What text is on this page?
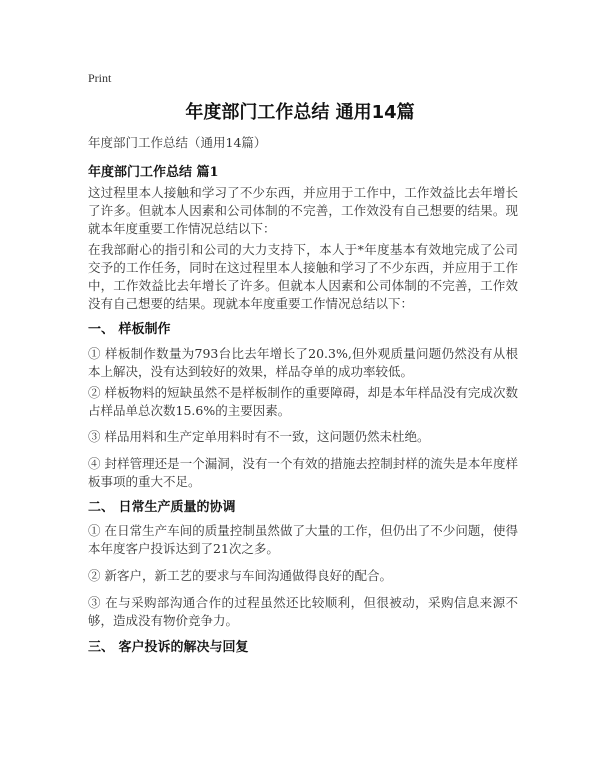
Print
年度部门工作总结 通用14篇
年度部门工作总结（通用14篇）
年度部门工作总结 篇1

这过程里本人接触和学习了不少东西，并应用于工作中，工作效益比去年增长了许多。但就本人因素和公司体制的不完善，工作效没有自己想要的结果。现就本年度重要工作情况总结以下：

在我部耐心的指引和公司的大力支持下，本人于*年度基本有效地完成了公司交予的工作任务，同时在这过程里本人接触和学习了不少东西，并应用于工作中，工作效益比去年增长了许多。但就本人因素和公司体制的不完善，工作效没有自己想要的结果。现就本年度重要工作情况总结以下：

一、 样板制作

① 样板制作数量为793台比去年增长了20.3%,但外观质量问题仍然没有从根本上解决，没有达到较好的效果，样品夺单的成功率较低。

② 样板物料的短缺虽然不是样板制作的重要障碍，却是本年样品没有完成次数占样品单总次数15.6%的主要因素。

③ 样品用料和生产定单用料时有不一致，这问题仍然未杜绝。

④ 封样管理还是一个漏洞，没有一个有效的措施去控制封样的流失是本年度样板事项的重大不足。

二、 日常生产质量的协调

① 在日常生产车间的质量控制虽然做了大量的工作，但仍出了不少问题，使得本年度客户投诉达到了21次之多。

② 新客户，新工艺的要求与车间沟通做得良好的配合。

③ 在与采购部沟通合作的过程虽然还比较顺利，但很被动，采购信息来源不够，造成没有物价竞争力。

三、 客户投诉的解决与回复
